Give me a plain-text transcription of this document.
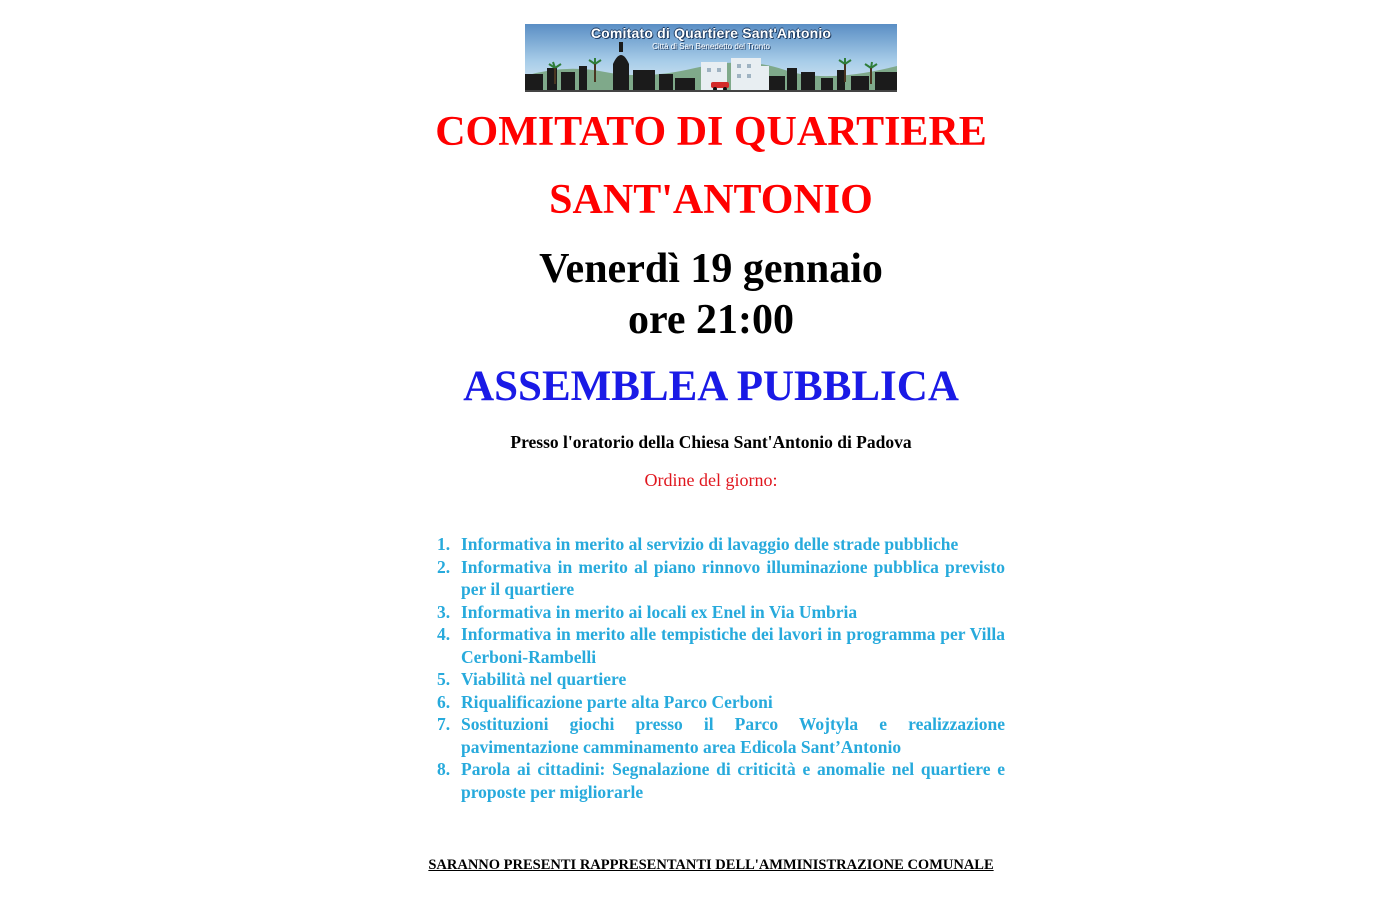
Comitato di Quartiere Sant'Antonio
Città di San Benedetto del Tronto
COMITATO DI QUARTIERE
SANT'ANTONIO
Venerdì 19 gennaio
ore 21:00
ASSEMBLEA PUBBLICA
Presso l'oratorio della Chiesa Sant'Antonio di Padova
Ordine del giorno:
1. Informativa in merito al servizio di lavaggio delle strade pubbliche
2. Informativa in merito al piano rinnovo illuminazione pubblica previsto per il quartiere
3. Informativa in merito ai locali ex Enel in Via Umbria
4. Informativa in merito alle tempistiche dei lavori in programma per Villa Cerboni-Rambelli
5. Viabilità nel quartiere
6. Riqualificazione parte alta Parco Cerboni
7. Sostituzioni giochi presso il Parco Wojtyla e realizzazione pavimentazione camminamento area Edicola Sant’Antonio
8. Parola ai cittadini: Segnalazione di criticità e anomalie nel quartiere e proposte per migliorarle
SARANNO PRESENTI RAPPRESENTANTI DELL'AMMINISTRAZIONE COMUNALE
